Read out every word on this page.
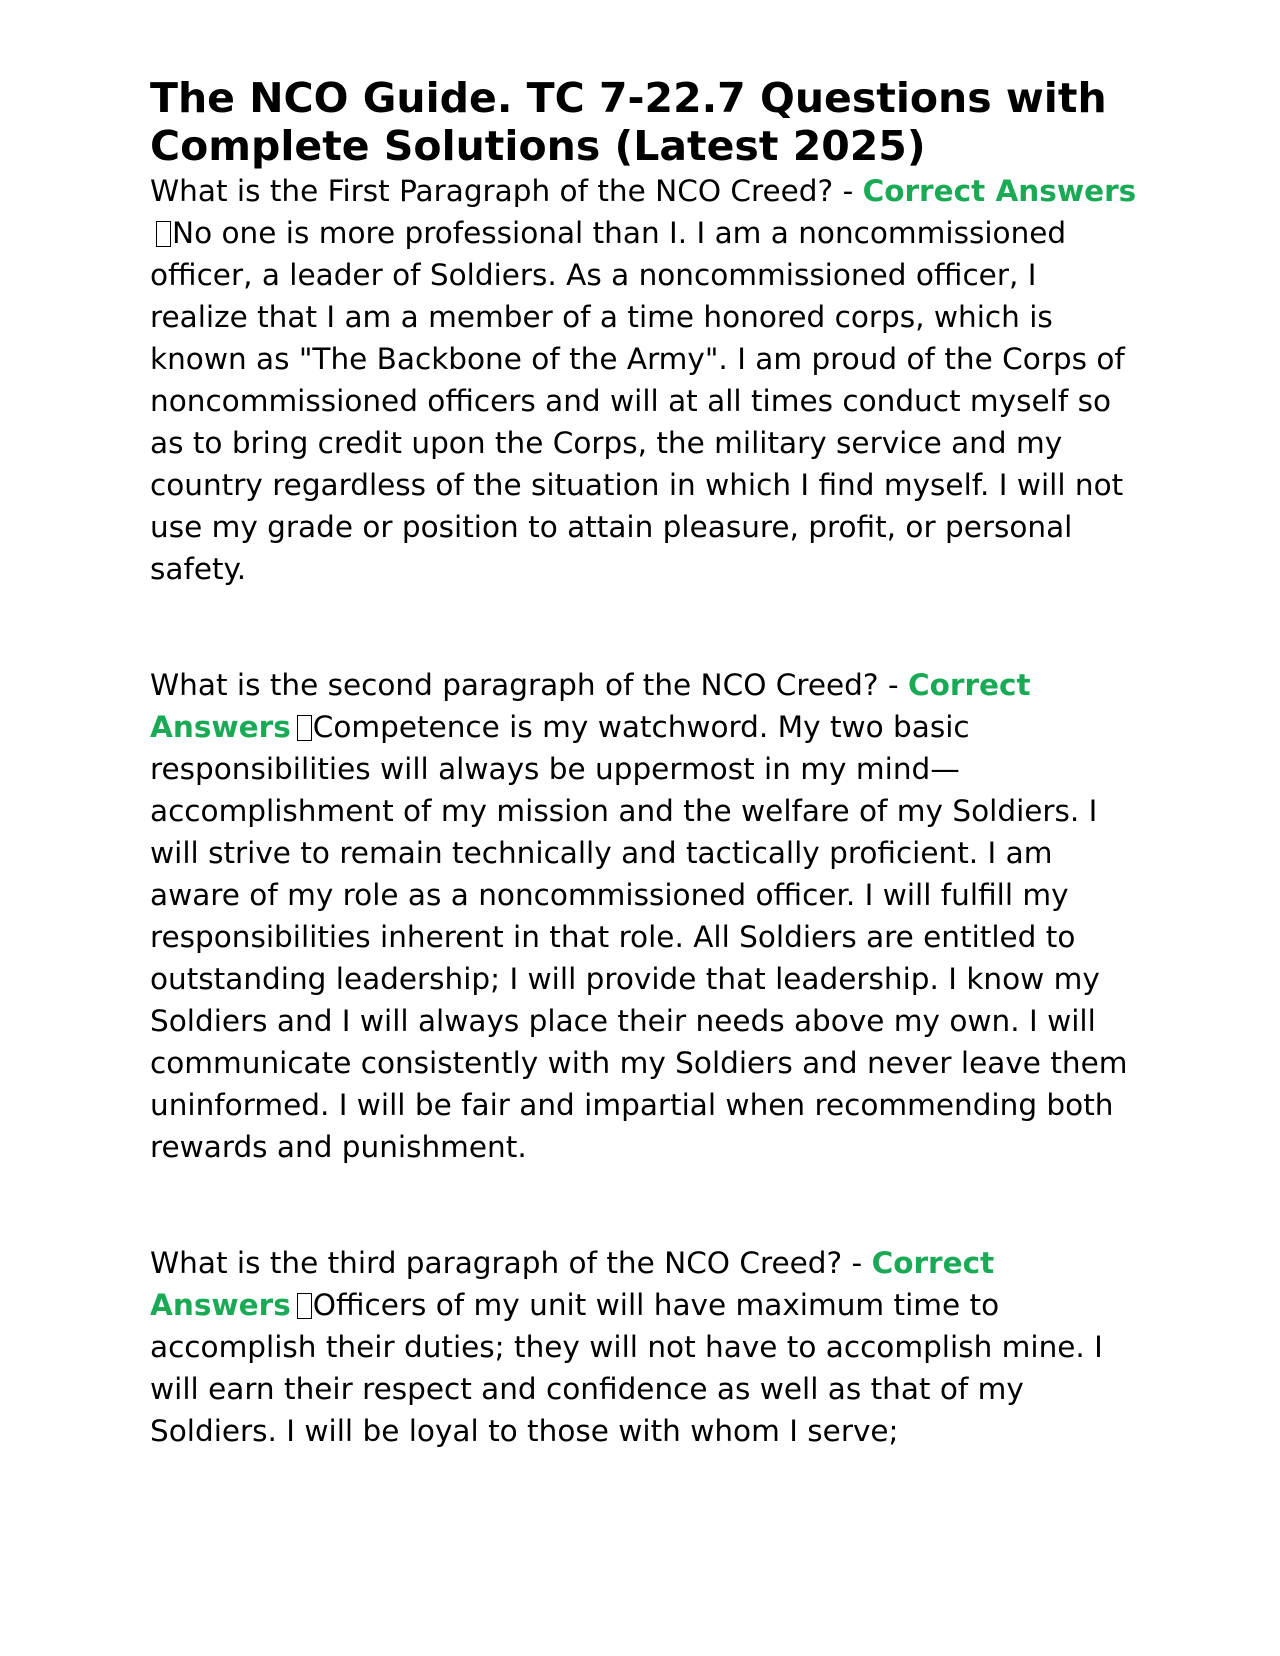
The NCO Guide. TC 7-22.7 Questions with Complete Solutions (Latest 2025)

What is the First Paragraph of the NCO Creed? - Correct AnswersNo one is more professional than I. I am a noncommissioned officer, a leader of Soldiers. As a noncommissioned officer, I realize that I am a member of a time honored corps, which is known as "The Backbone of the Army". I am proud of the Corps of noncommissioned officers and will at all times conduct myself so as to bring credit upon the Corps, the military service and my country regardless of the situation in which I find myself. I will not use my grade or position to attain pleasure, profit, or personal safety.

What is the second paragraph of the NCO Creed? - Correct Answers Competence is my watchword. My two basic responsibilities will always be uppermost in my mind—accomplishment of my mission and the welfare of my Soldiers. I will strive to remain technically and tactically proficient. I am aware of my role as a noncommissioned officer. I will fulfill my responsibilities inherent in that role. All Soldiers are entitled to outstanding leadership; I will provide that leadership. I know my Soldiers and I will always place their needs above my own. I will communicate consistently with my Soldiers and never leave them uninformed. I will be fair and impartial when recommending both rewards and punishment.

What is the third paragraph of the NCO Creed? - Correct Answers Officers of my unit will have maximum time to accomplish their duties; they will not have to accomplish mine. I will earn their respect and confidence as well as that of my Soldiers. I will be loyal to those with whom I serve;
